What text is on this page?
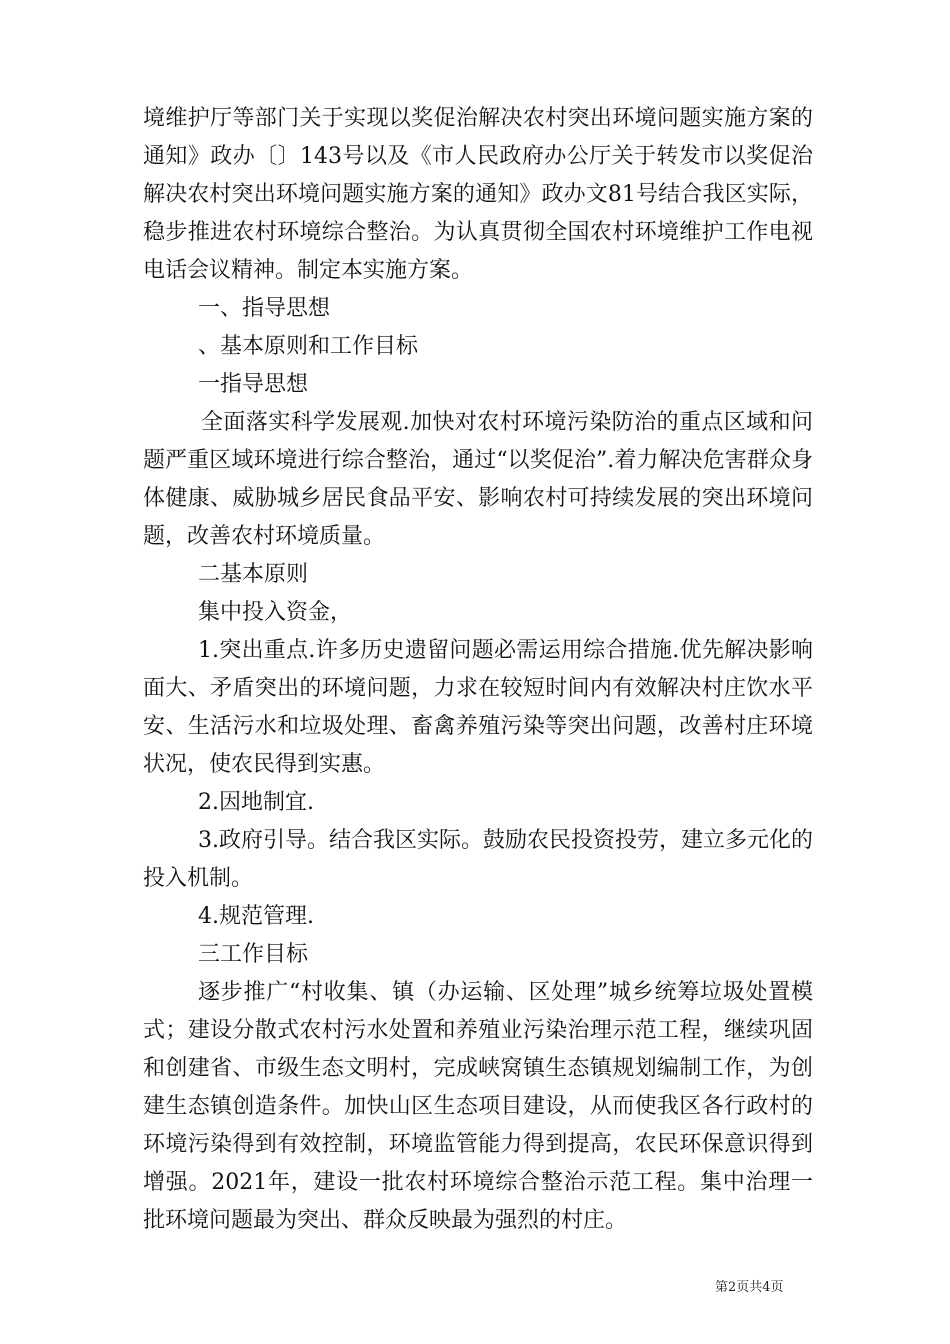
境维护厅等部门关于实现以奖促治解决农村突出环境问题实施方案的通知》政办〔〕143号以及《市人民政府办公厅关于转发市以奖促治解决农村突出环境问题实施方案的通知》政办文81号结合我区实际，稳步推进农村环境综合整治。为认真贯彻全国农村环境维护工作电视电话会议精神。制定本实施方案。

一、指导思想

、基本原则和工作目标

一指导思想

全面落实科学发展观.加快对农村环境污染防治的重点区域和问题严重区域环境进行综合整治，通过“以奖促治”.着力解决危害群众身体健康、威胁城乡居民食品平安、影响农村可持续发展的突出环境问题，改善农村环境质量。

二基本原则

集中投入资金，

1.突出重点.许多历史遗留问题必需运用综合措施.优先解决影响面大、矛盾突出的环境问题，力求在较短时间内有效解决村庄饮水平安、生活污水和垃圾处理、畜禽养殖污染等突出问题，改善村庄环境状况，使农民得到实惠。

2.因地制宜.

3.政府引导。结合我区实际。鼓励农民投资投劳，建立多元化的投入机制。

4.规范管理.

三工作目标

逐步推广“村收集、镇（办运输、区处理”城乡统筹垃圾处置模式；建设分散式农村污水处置和养殖业污染治理示范工程，继续巩固和创建省、市级生态文明村，完成峡窝镇生态镇规划编制工作，为创建生态镇创造条件。加快山区生态项目建设，从而使我区各行政村的环境污染得到有效控制，环境监管能力得到提高，农民环保意识得到增强。2021年，建设一批农村环境综合整治示范工程。集中治理一批环境问题最为突出、群众反映最为强烈的村庄。

第2页共4页
